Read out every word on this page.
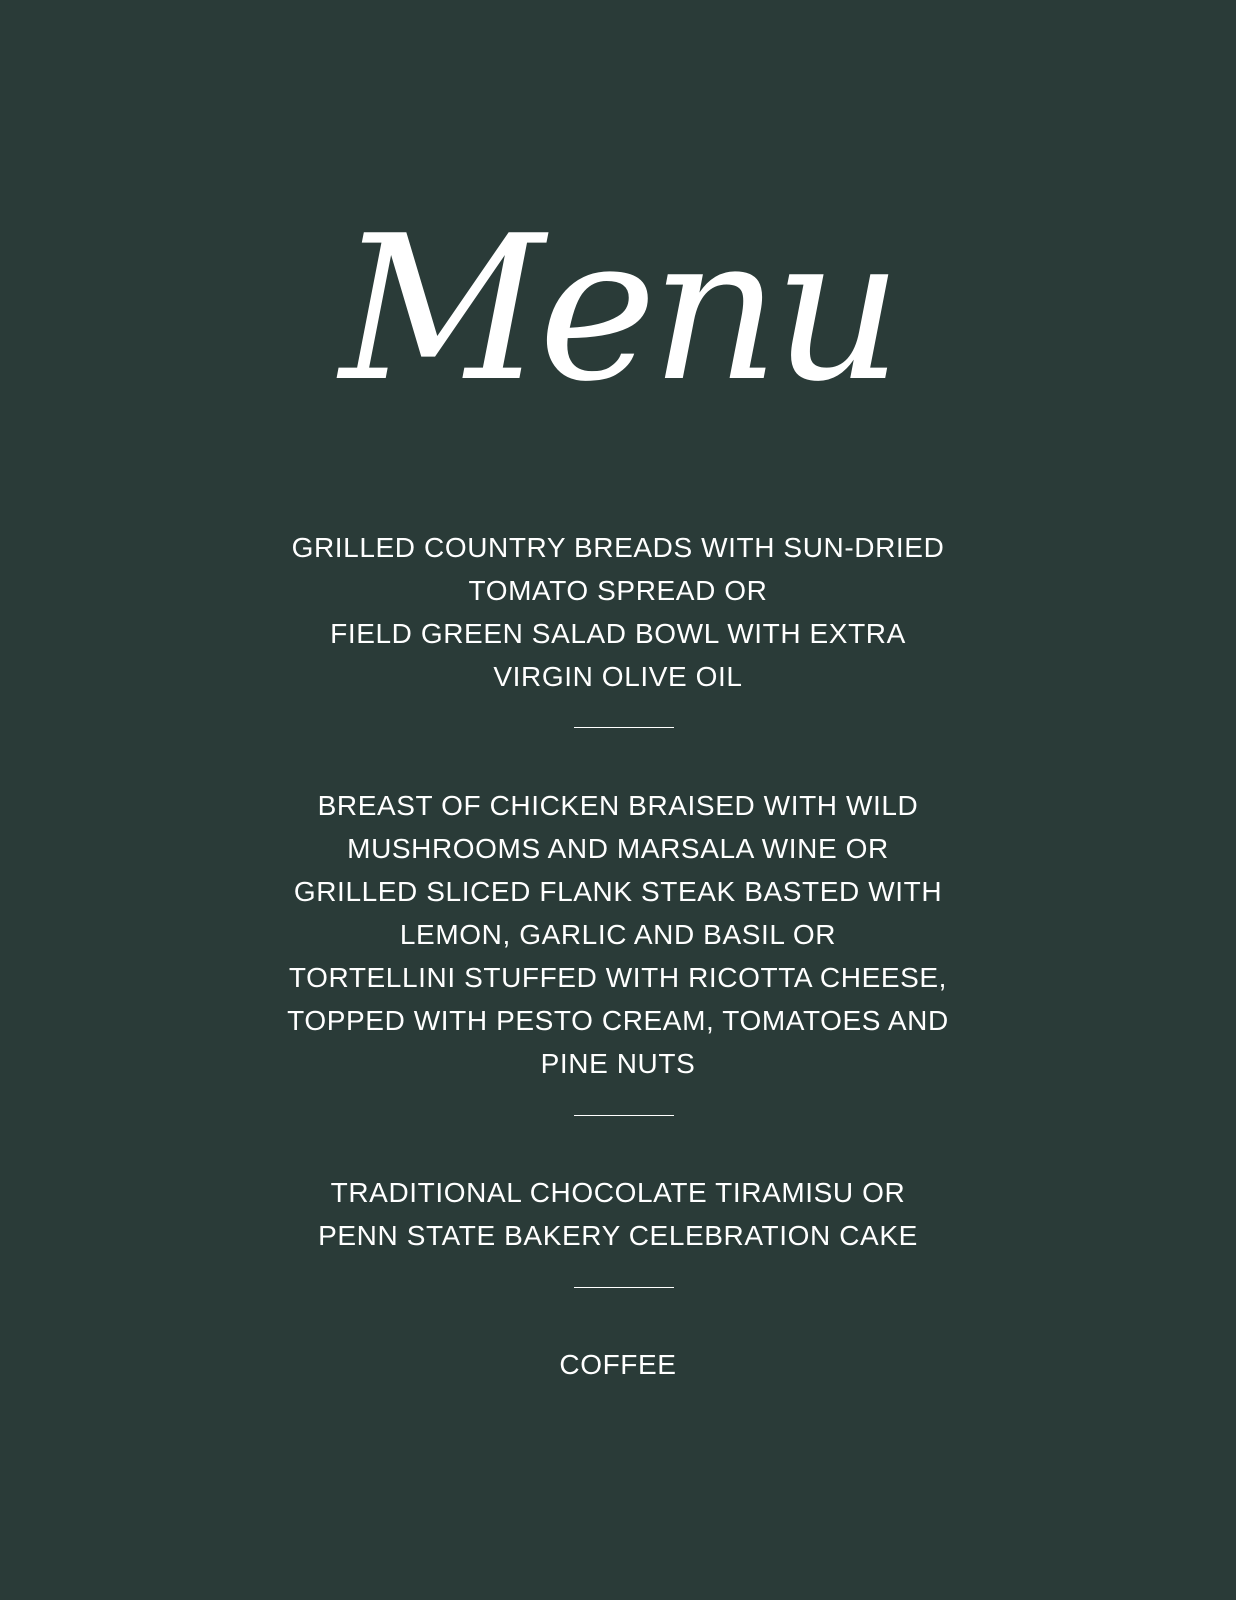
Menu
GRILLED COUNTRY BREADS WITH SUN-DRIED
TOMATO SPREAD OR
FIELD GREEN SALAD BOWL WITH EXTRA
VIRGIN OLIVE OIL
BREAST OF CHICKEN BRAISED WITH WILD
MUSHROOMS AND MARSALA WINE OR
GRILLED SLICED FLANK STEAK BASTED WITH
LEMON, GARLIC AND BASIL OR
TORTELLINI STUFFED WITH RICOTTA CHEESE,
TOPPED WITH PESTO CREAM, TOMATOES AND
PINE NUTS
TRADITIONAL CHOCOLATE TIRAMISU OR
PENN STATE BAKERY CELEBRATION CAKE
COFFEE
